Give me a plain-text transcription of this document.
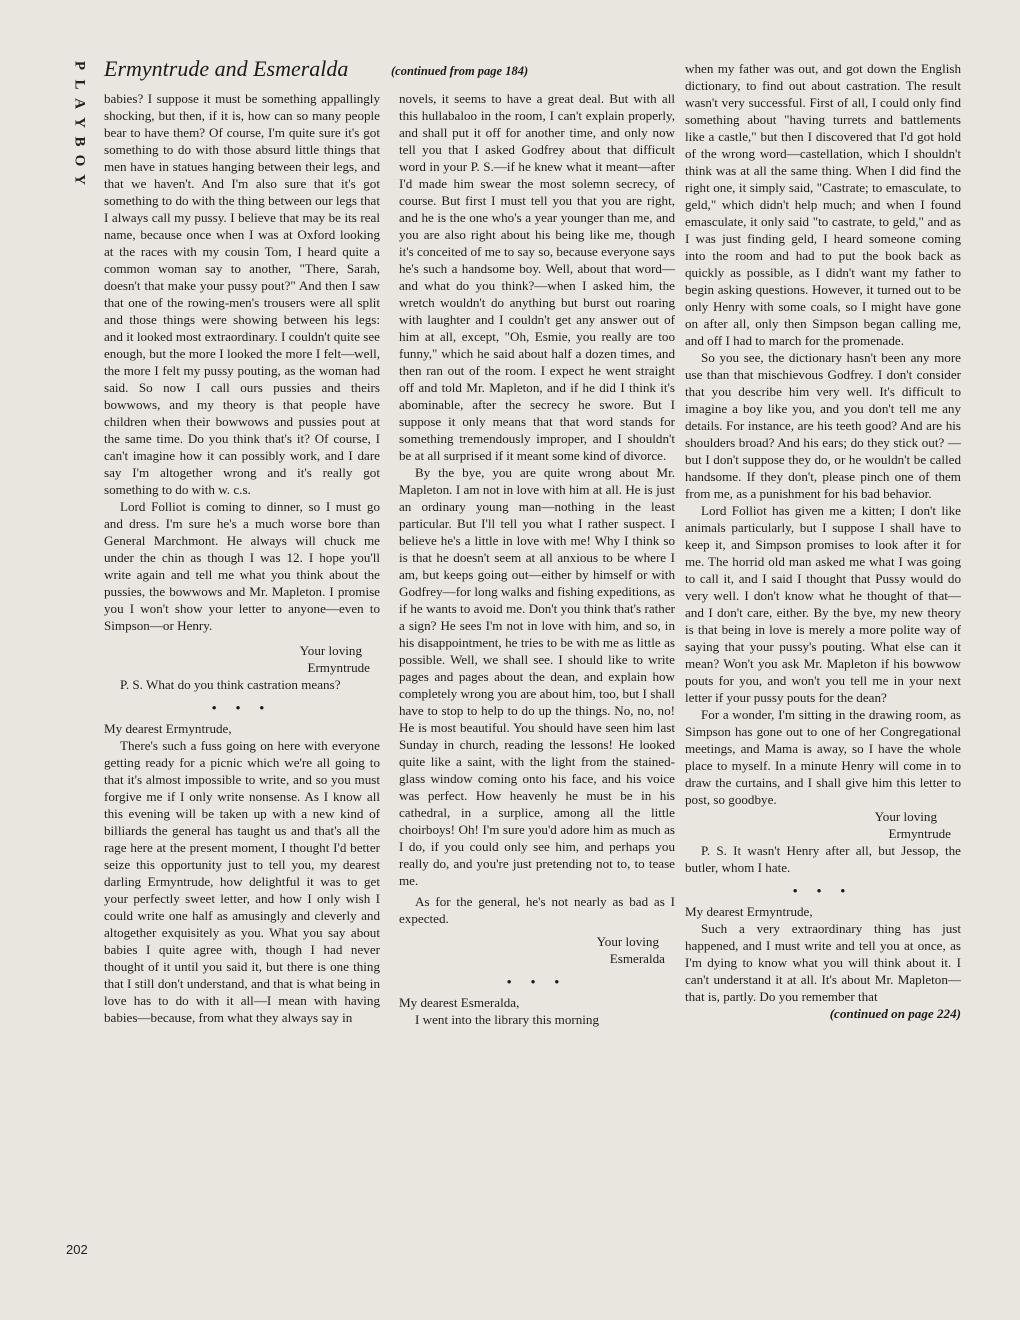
P
L
A
Y
B
O
Y
Ermyntrude and Esmeralda	(continued from page 184)

babies? I suppose it must be something appallingly shocking, but then, if it is, how can so many people bear to have them? Of course, I'm quite sure it's got something to do with those absurd little things that men have in statues hanging between their legs, and that we haven't. And I'm also sure that it's got something to do with the thing between our legs that I always call my pussy. I believe that may be its real name, because once when I was at Oxford looking at the races with my cousin Tom, I heard quite a common woman say to another, "There, Sarah, doesn't that make your pussy pout?" And then I saw that one of the rowing-men's trousers were all split and those things were showing between his legs: and it looked most extraordinary. I couldn't quite see enough, but the more I looked the more I felt—well, the more I felt my pussy pouting, as the woman had said. So now I call ours pussies and theirs bowwows, and my theory is that people have children when their bowwows and pussies pout at the same time. Do you think that's it? Of course, I can't imagine how it can possibly work, and I dare say I'm altogether wrong and it's really got something to do with w. c.s.

Lord Folliot is coming to dinner, so I must go and dress. I'm sure he's a much worse bore than General Marchmont. He always will chuck me under the chin as though I was 12. I hope you'll write again and tell me what you think about the pussies, the bowwows and Mr. Mapleton. I promise you I won't show your letter to anyone—even to Simpson—or Henry.

Your loving

Ermyntrude

P. S. What do you think castration means?

• • •

My dearest Ermyntrude,

There's such a fuss going on here with everyone getting ready for a picnic which we're all going to that it's almost impossible to write, and so you must forgive me if I only write nonsense. As I know all this evening will be taken up with a new kind of billiards the general has taught us and that's all the rage here at the present moment, I thought I'd better seize this opportunity just to tell you, my dearest darling Ermyntrude, how delightful it was to get your perfectly sweet letter, and how I only wish I could write one half as amusingly and cleverly and altogether exquisitely as you. What you say about babies I quite agree with, though I had never thought of it until you said it, but there is one thing that I still don't understand, and that is what being in love has to do with it all—I mean with having babies—because, from what they always say in

novels, it seems to have a great deal. But with all this hullabaloo in the room, I can't explain properly, and shall put it off for another time, and only now tell you that I asked Godfrey about that difficult word in your P. S.—if he knew what it meant—after I'd made him swear the most solemn secrecy, of course. But first I must tell you that you are right, and he is the one who's a year younger than me, and you are also right about his being like me, though it's conceited of me to say so, because everyone says he's such a handsome boy. Well, about that word—and what do you think?—when I asked him, the wretch wouldn't do anything but burst out roaring with laughter and I couldn't get any answer out of him at all, except, "Oh, Esmie, you really are too funny," which he said about half a dozen times, and then ran out of the room. I expect he went straight off and told Mr. Mapleton, and if he did I think it's abominable, after the secrecy he swore. But I suppose it only means that that word stands for something tremendously improper, and I shouldn't be at all surprised if it meant some kind of divorce.

By the bye, you are quite wrong about Mr. Mapleton. I am not in love with him at all. He is just an ordinary young man—nothing in the least particular. But I'll tell you what I rather suspect. I believe he's a little in love with me! Why I think so is that he doesn't seem at all anxious to be where I am, but keeps going out—either by himself or with Godfrey—for long walks and fishing expeditions, as if he wants to avoid me. Don't you think that's rather a sign? He sees I'm not in love with him, and so, in his disappointment, he tries to be with me as little as possible. Well, we shall see. I should like to write pages and pages about the dean, and explain how completely wrong you are about him, too, but I shall have to stop to help to do up the things. No, no, no! He is most beautiful. You should have seen him last Sunday in church, reading the lessons! He looked quite like a saint, with the light from the stained-glass window coming onto his face, and his voice was perfect. How heavenly he must be in his cathedral, in a surplice, among all the little choirboys! Oh! I'm sure you'd adore him as much as I do, if you could only see him, and perhaps you really do, and you're just pretending not to, to tease me.

As for the general, he's not nearly as bad as I expected.

Your loving

Esmeralda

• • •

My dearest Esmeralda,

I went into the library this morning

when my father was out, and got down the English dictionary, to find out about castration. The result wasn't very successful. First of all, I could only find something about "having turrets and battlements like a castle," but then I discovered that I'd got hold of the wrong word—castellation, which I shouldn't think was at all the same thing. When I did find the right one, it simply said, "Castrate; to emasculate, to geld," which didn't help much; and when I found emasculate, it only said "to castrate, to geld," and as I was just finding geld, I heard someone coming into the room and had to put the book back as quickly as possible, as I didn't want my father to begin asking questions. However, it turned out to be only Henry with some coals, so I might have gone on after all, only then Simpson began calling me, and off I had to march for the promenade.

So you see, the dictionary hasn't been any more use than that mischievous Godfrey. I don't consider that you describe him very well. It's difficult to imagine a boy like you, and you don't tell me any details. For instance, are his teeth good? And are his shoulders broad? And his ears; do they stick out? —but I don't suppose they do, or he wouldn't be called handsome. If they don't, please pinch one of them from me, as a punishment for his bad behavior.

Lord Folliot has given me a kitten; I don't like animals particularly, but I suppose I shall have to keep it, and Simpson promises to look after it for me. The horrid old man asked me what I was going to call it, and I said I thought that Pussy would do very well. I don't know what he thought of that—and I don't care, either. By the bye, my new theory is that being in love is merely a more polite way of saying that your pussy's pouting. What else can it mean? Won't you ask Mr. Mapleton if his bowwow pouts for you, and won't you tell me in your next letter if your pussy pouts for the dean?

For a wonder, I'm sitting in the drawing room, as Simpson has gone out to one of her Congregational meetings, and Mama is away, so I have the whole place to myself. In a minute Henry will come in to draw the curtains, and I shall give him this letter to post, so goodbye.

Your loving

Ermyntrude

P. S. It wasn't Henry after all, but Jessop, the butler, whom I hate.

• • •

My dearest Ermyntrude,

Such a very extraordinary thing has just happened, and I must write and tell you at once, as I'm dying to know what you will think about it. I can't understand it at all. It's about Mr. Mapleton—that is, partly. Do you remember that

(continued on page 224)
202
